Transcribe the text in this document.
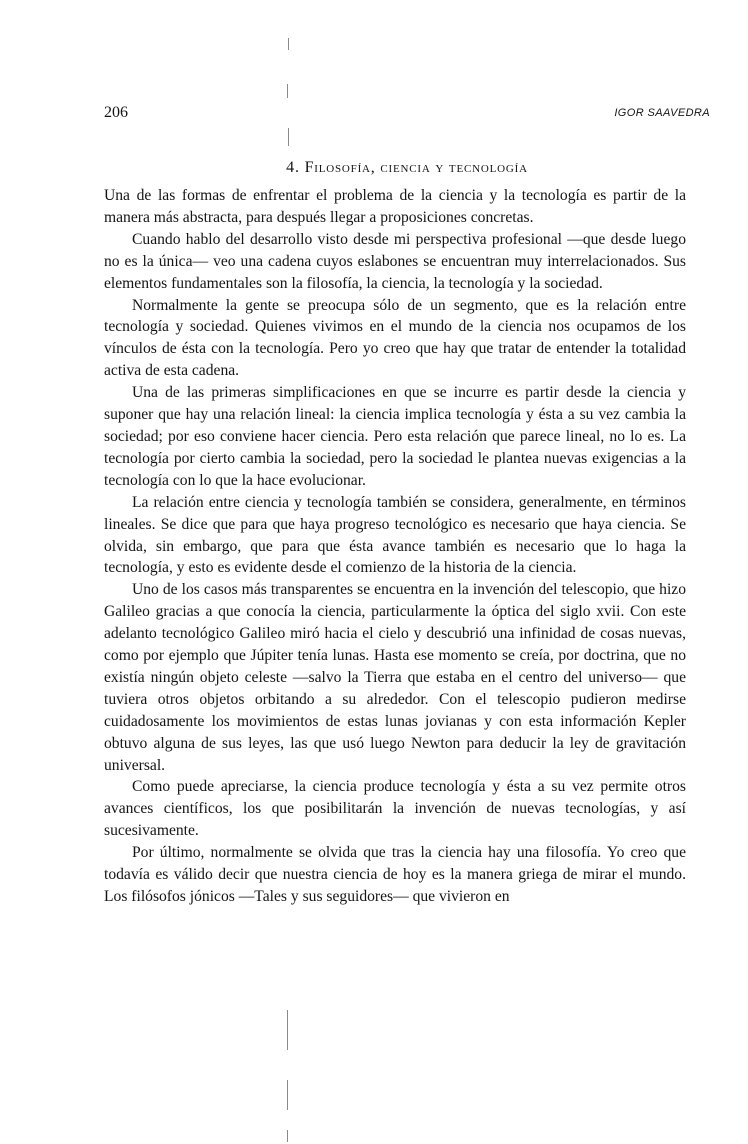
206	IGOR SAAVEDRA
4. Filosofía, ciencia y tecnología

Una de las formas de enfrentar el problema de la ciencia y la tecnología es partir de la manera más abstracta, para después llegar a proposiciones concretas.

Cuando hablo del desarrollo visto desde mi perspectiva profesional —que desde luego no es la única— veo una cadena cuyos eslabones se encuentran muy interrelacionados. Sus elementos fundamentales son la filosofía, la ciencia, la tecnología y la sociedad.

Normalmente la gente se preocupa sólo de un segmento, que es la relación entre tecnología y sociedad. Quienes vivimos en el mundo de la ciencia nos ocupamos de los vínculos de ésta con la tecnología. Pero yo creo que hay que tratar de entender la totalidad activa de esta cadena.

Una de las primeras simplificaciones en que se incurre es partir desde la ciencia y suponer que hay una relación lineal: la ciencia implica tecnología y ésta a su vez cambia la sociedad; por eso conviene hacer ciencia. Pero esta relación que parece lineal, no lo es. La tecnología por cierto cambia la sociedad, pero la sociedad le plantea nuevas exigencias a la tecnología con lo que la hace evolucionar.

La relación entre ciencia y tecnología también se considera, generalmente, en términos lineales. Se dice que para que haya progreso tecnológico es necesario que haya ciencia. Se olvida, sin embargo, que para que ésta avance también es necesario que lo haga la tecnología, y esto es evidente desde el comienzo de la historia de la ciencia.

Uno de los casos más transparentes se encuentra en la invención del telescopio, que hizo Galileo gracias a que conocía la ciencia, particularmente la óptica del siglo xvii. Con este adelanto tecnológico Galileo miró hacia el cielo y descubrió una infinidad de cosas nuevas, como por ejemplo que Júpiter tenía lunas. Hasta ese momento se creía, por doctrina, que no existía ningún objeto celeste —salvo la Tierra que estaba en el centro del universo— que tuviera otros objetos orbitando a su alrededor. Con el telescopio pudieron medirse cuidadosamente los movimientos de estas lunas jovianas y con esta información Kepler obtuvo alguna de sus leyes, las que usó luego Newton para deducir la ley de gravitación universal.

Como puede apreciarse, la ciencia produce tecnología y ésta a su vez permite otros avances científicos, los que posibilitarán la invención de nuevas tecnologías, y así sucesivamente.

Por último, normalmente se olvida que tras la ciencia hay una filosofía. Yo creo que todavía es válido decir que nuestra ciencia de hoy es la manera griega de mirar el mundo. Los filósofos jónicos —Tales y sus seguidores— que vivieron en
